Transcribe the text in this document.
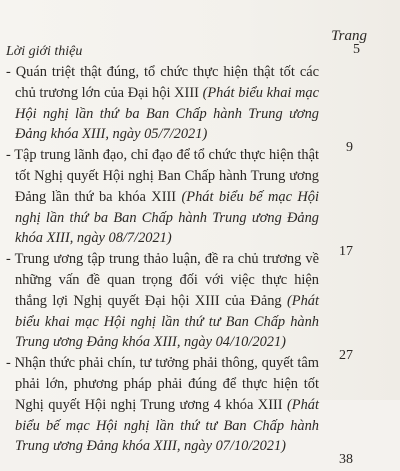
Trang
Lời giới thiệu	5
- Quán triệt thật đúng, tổ chức thực hiện thật tốt các chủ trương lớn của Đại hội XIII (Phát biểu khai mạc Hội nghị lần thứ ba Ban Chấp hành Trung ương Đảng khóa XIII, ngày 05/7/2021)
9
- Tập trung lãnh đạo, chỉ đạo để tổ chức thực hiện thật tốt Nghị quyết Hội nghị Ban Chấp hành Trung ương Đảng lần thứ ba khóa XIII (Phát biểu bế mạc Hội nghị lần thứ ba Ban Chấp hành Trung ương Đảng khóa XIII, ngày 08/7/2021)
17
- Trung ương tập trung thảo luận, đề ra chủ trương về những vấn đề quan trọng đối với việc thực hiện thắng lợi Nghị quyết Đại hội XIII của Đảng (Phát biểu khai mạc Hội nghị lần thứ tư Ban Chấp hành Trung ương Đảng khóa XIII, ngày 04/10/2021)
27
- Nhận thức phải chín, tư tưởng phải thông, quyết tâm phải lớn, phương pháp phải đúng để thực hiện tốt Nghị quyết Hội nghị Trung ương 4 khóa XIII (Phát biểu bế mạc Hội nghị lần thứ tư Ban Chấp hành Trung ương Đảng khóa XIII, ngày 07/10/2021)
38
